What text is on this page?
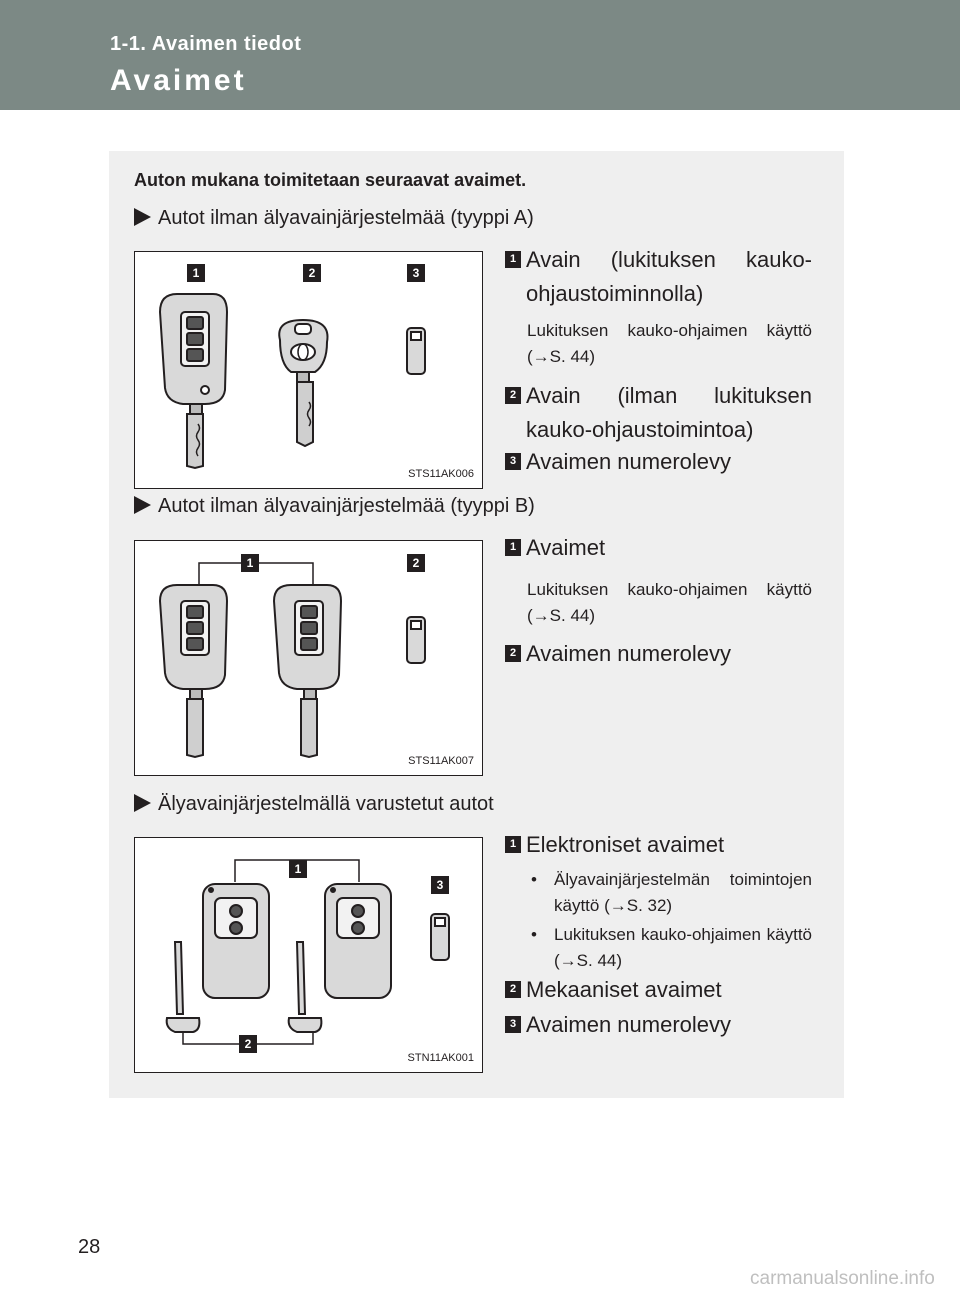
1-1. Avaimen tiedot
Avaimet
Auton mukana toimitetaan seuraavat avaimet.
Autot ilman älyavainjärjestelmää (tyyppi A)
1	2	3
STS11AK006
1 Avain (lukituksen kauko-ohjaustoiminnolla)
Lukituksen kauko-ohjaimen käyttö (→S. 44)
2 Avain (ilman lukituksen kauko-ohjaustoimintoa)
3 Avaimen numerolevy
Autot ilman älyavainjärjestelmää (tyyppi B)
1	2
STS11AK007
1 Avaimet
Lukituksen kauko-ohjaimen käyttö (→S. 44)
2 Avaimen numerolevy
Älyavainjärjestelmällä varustetut autot
1
2
3
STN11AK001
1 Elektroniset avaimet
• Älyavainjärjestelmän toimintojen käyttö (→S. 32)
• Lukituksen kauko-ohjaimen käyttö (→S. 44)
2 Mekaaniset avaimet
3 Avaimen numerolevy
28
carmanualsonline.info
